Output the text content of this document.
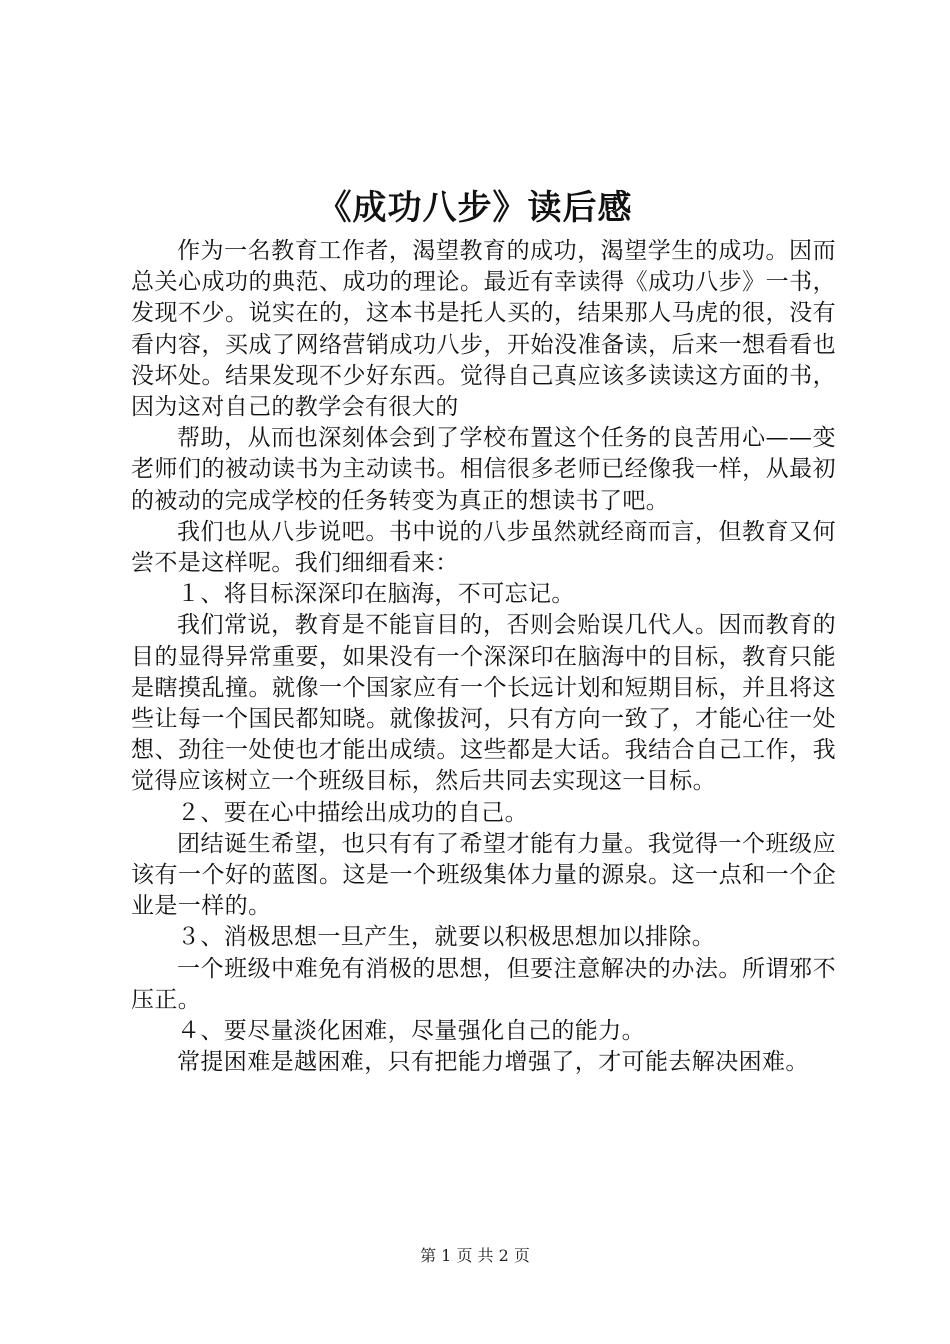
《成功八步》读后感

作为一名教育工作者，渴望教育的成功，渴望学生的成功。因而总关心成功的典范、成功的理论。最近有幸读得《成功八步》一书，发现不少。说实在的，这本书是托人买的，结果那人马虎的很，没有看内容，买成了网络营销成功八步，开始没准备读，后来一想看看也没坏处。结果发现不少好东西。觉得自己真应该多读读这方面的书，因为这对自己的教学会有很大的

帮助，从而也深刻体会到了学校布置这个任务的良苦用心——变老师们的被动读书为主动读书。相信很多老师已经像我一样，从最初的被动的完成学校的任务转变为真正的想读书了吧。

我们也从八步说吧。书中说的八步虽然就经商而言，但教育又何尝不是这样呢。我们细细看来：

１、将目标深深印在脑海，不可忘记。

我们常说，教育是不能盲目的，否则会贻误几代人。因而教育的目的显得异常重要，如果没有一个深深印在脑海中的目标，教育只能是瞎摸乱撞。就像一个国家应有一个长远计划和短期目标，并且将这些让每一个国民都知晓。就像拔河，只有方向一致了，才能心往一处想、劲往一处使也才能出成绩。这些都是大话。我结合自己工作，我觉得应该树立一个班级目标，然后共同去实现这一目标。

２、要在心中描绘出成功的自己。

团结诞生希望，也只有有了希望才能有力量。我觉得一个班级应该有一个好的蓝图。这是一个班级集体力量的源泉。这一点和一个企业是一样的。

３、消极思想一旦产生，就要以积极思想加以排除。

一个班级中难免有消极的思想，但要注意解决的办法。所谓邪不压正。

４、要尽量淡化困难，尽量强化自己的能力。

常提困难是越困难，只有把能力增强了，才可能去解决困难。

第 1 页 共 2 页
